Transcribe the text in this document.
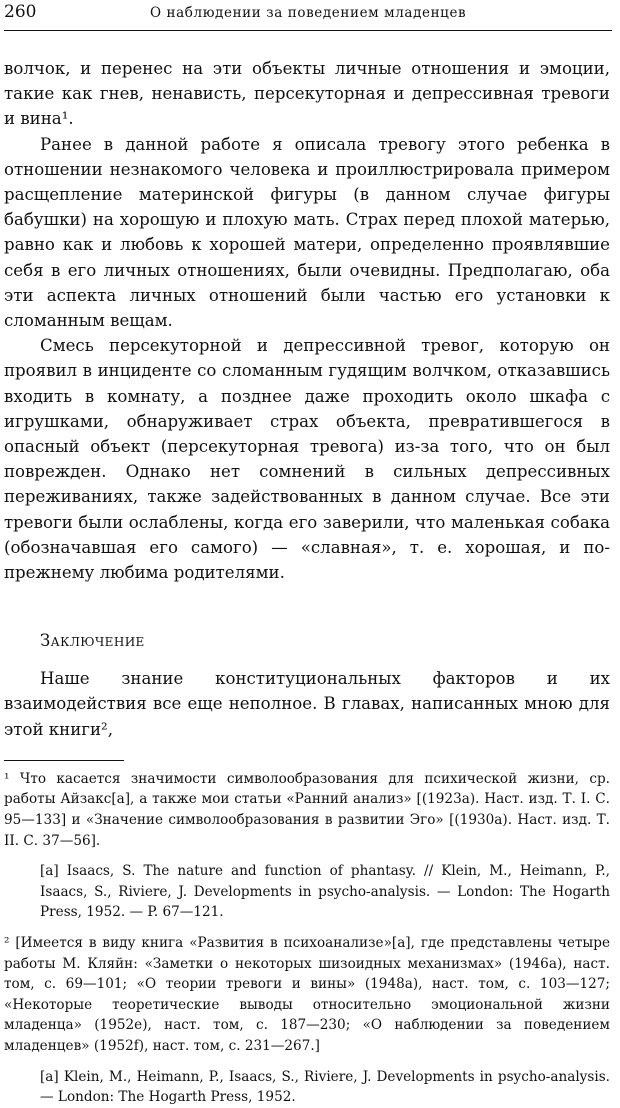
260	О наблюдении за поведением младенцев

волчок, и перенес на эти объекты личные отношения и эмоции, такие как гнев, ненависть, персекуторная и депрессивная тревоги и вина¹.

Ранее в данной работе я описала тревогу этого ребенка в отношении незнакомого человека и проиллюстрировала примером расщепление материнской фигуры (в данном случае фигуры бабушки) на хорошую и плохую мать. Страх перед плохой матерью, равно как и любовь к хорошей матери, определенно проявлявшие себя в его личных отношениях, были очевидны. Предполагаю, оба эти аспекта личных отношений были частью его установки к сломанным вещам.

Смесь персекуторной и депрессивной тревог, которую он проявил в инциденте со сломанным гудящим волчком, отказавшись входить в комнату, а позднее даже проходить около шкафа с игрушками, обнаруживает страх объекта, превратившегося в опасный объект (персекуторная тревога) из-за того, что он был поврежден. Однако нет сомнений в сильных депрессивных переживаниях, также задействованных в данном случае. Все эти тревоги были ослаблены, когда его заверили, что маленькая собака (обозначавшая его самого) — «славная», т. е. хорошая, и по-прежнему любима родителями.

Заключение

Наше знание конституциональных факторов и их взаимодействия все еще неполное. В главах, написанных мною для этой книги²,

¹ Что касается значимости символообразования для психической жизни, ср. работы Айзакс[a], а также мои статьи «Ранний анализ» [(1923a). Наст. изд. Т. I. С. 95—133] и «Значение символообразования в развитии Эго» [(1930a). Наст. изд. Т. II. С. 37—56].

[a] Isaacs, S. The nature and function of phantasy. // Klein, M., Heimann, P., Isaacs, S., Riviere, J. Developments in psycho-analysis. — London: The Hogarth Press, 1952. — P. 67—121.

² [Имеется в виду книга «Развития в психоанализе»[a], где представлены четыре работы М. Кляйн: «Заметки о некоторых шизоидных механизмах» (1946a), наст. том, с. 69—101; «О теории тревоги и вины» (1948a), наст. том, с. 103—127; «Некоторые теоретические выводы относительно эмоциональной жизни младенца» (1952e), наст. том, с. 187—230; «О наблюдении за поведением младенцев» (1952f), наст. том, с. 231—267.]

[a] Klein, M., Heimann, P., Isaacs, S., Riviere, J. Developments in psycho-analysis. — London: The Hogarth Press, 1952.
